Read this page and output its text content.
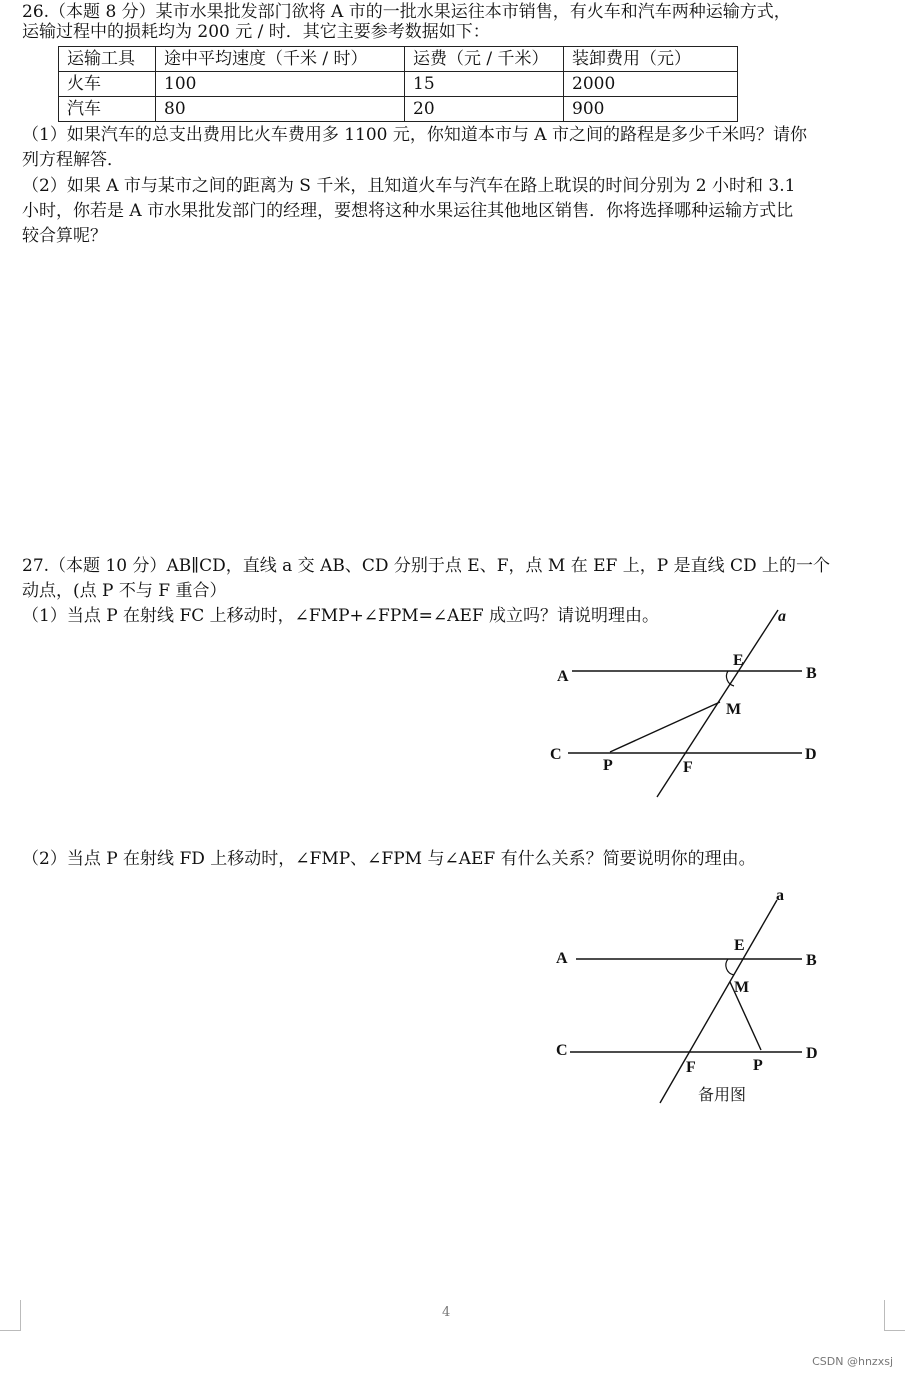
26.（本题 8 分）某市水果批发部门欲将 A 市的一批水果运往本市销售，有火车和汽车两种运输方式，

运输过程中的损耗均为 200 元 / 时．其它主要参考数据如下：

运输工具	途中平均速度（千米 / 时）	运费（元 / 千米）	装卸费用（元）
火车	100	15	2000
汽车	80	20	900

（1）如果汽车的总支出费用比火车费用多 1100 元，你知道本市与 A 市之间的路程是多少千米吗？请你

列方程解答．

（2）如果 A 市与某市之间的距离为 S 千米，且知道火车与汽车在路上耽误的时间分别为 2 小时和 3.1

小时，你若是 A 市水果批发部门的经理，要想将这种水果运往其他地区销售．你将选择哪种运输方式比

较合算呢？

27.（本题 10 分）AB∥CD，直线 a 交 AB、CD 分别于点 E、F，点 M 在 EF 上，P 是直线 CD 上的一个

动点，(点 P 不与 F 重合）

（1）当点 P 在射线 FC 上移动时，∠FMP+∠FPM=∠AEF 成立吗？请说明理由。	a
A	B
E
M
C	D
P	F

（2）当点 P 在射线 FD 上移动时，∠FMP、∠FPM 与∠AEF 有什么关系？简要说明你的理由。

a
A	B
E
M
C	D
P
F
备用图
4
CSDN @hnzxsj
